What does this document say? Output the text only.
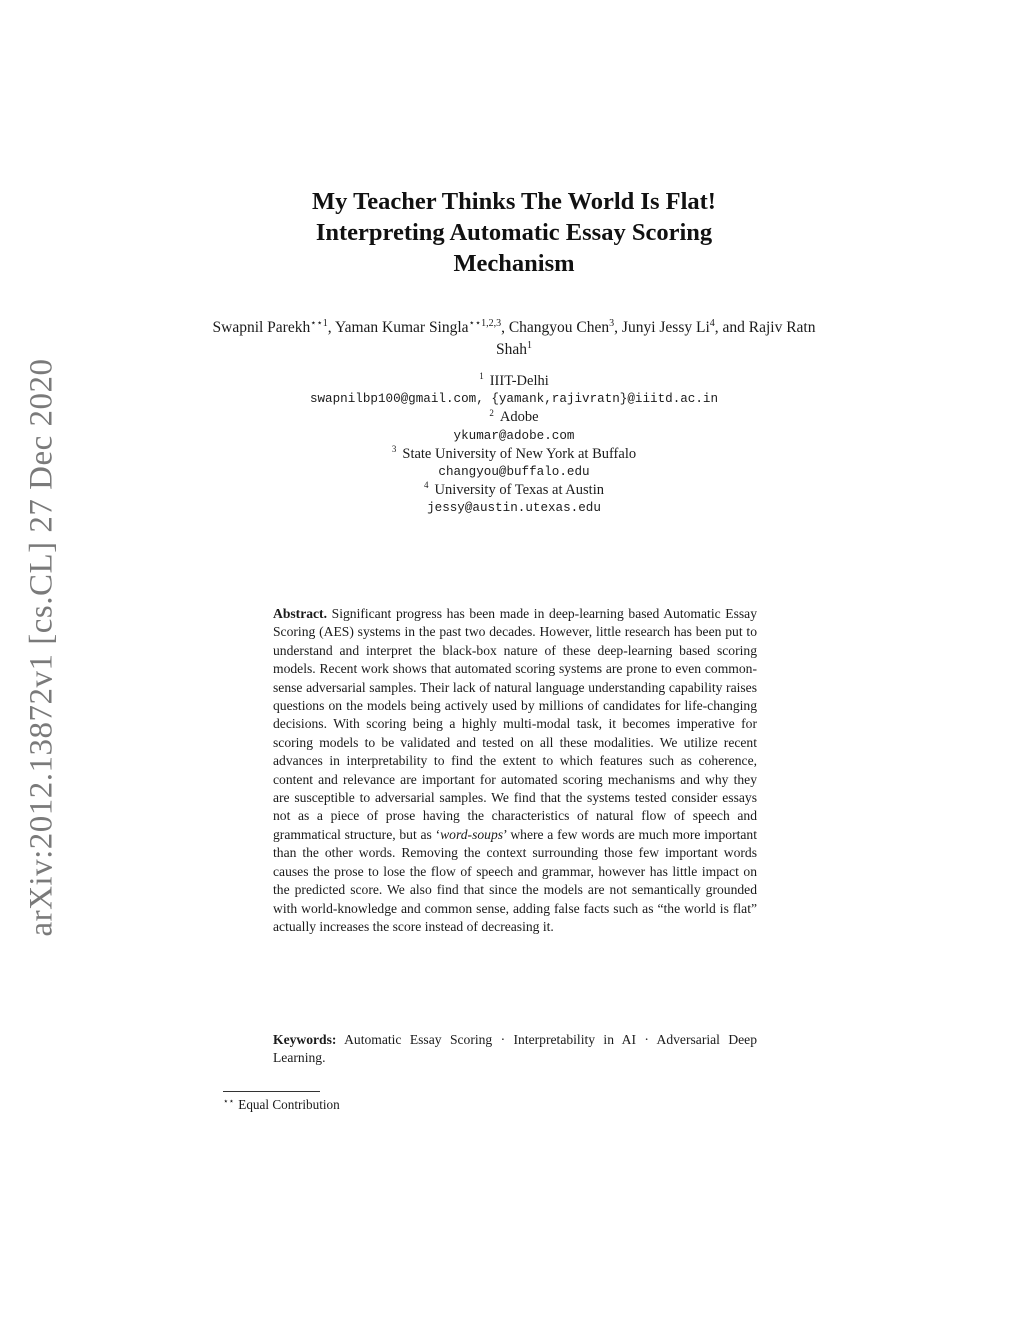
arXiv:2012.13872v1 [cs.CL] 27 Dec 2020
My Teacher Thinks The World Is Flat!
Interpreting Automatic Essay Scoring
Mechanism
Swapnil Parekh$^{⋆⋆1}$, Yaman Kumar Singla$^{⋆⋆1,2,3}$, Changyou Chen$^3$, Junyi Jessy Li$^4$, and Rajiv Ratn Shah$^1$
$^1$ IIIT-Delhi
swapnilbp100@gmail.com, {yamank,rajivratn}@iiitd.ac.in
$^2$ Adobe
ykumar@adobe.com
$^3$ State University of New York at Buffalo
changyou@buffalo.edu
$^4$ University of Texas at Austin
jessy@austin.utexas.edu
Abstract. Significant progress has been made in deep-learning based Automatic Essay Scoring (AES) systems in the past two decades. However, little research has been put to understand and interpret the black-box nature of these deep-learning based scoring models. Recent work shows that automated scoring systems are prone to even common-sense adversarial samples. Their lack of natural language understanding capability raises questions on the models being actively used by millions of candidates for life-changing decisions. With scoring being a highly multi-modal task, it becomes imperative for scoring models to be validated and tested on all these modalities. We utilize recent advances in interpretability to find the extent to which features such as coherence, content and relevance are important for automated scoring mechanisms and why they are susceptible to adversarial samples. We find that the systems tested consider essays not as a piece of prose having the characteristics of natural flow of speech and grammatical structure, but as ‘word-soups’ where a few words are much more important than the other words. Removing the context surrounding those few important words causes the prose to lose the flow of speech and grammar, however has little impact on the predicted score. We also find that since the models are not semantically grounded with world-knowledge and common sense, adding false facts such as “the world is flat” actually increases the score instead of decreasing it.
Keywords: Automatic Essay Scoring · Interpretability in AI · Adversarial Deep Learning.
⋆⋆ Equal Contribution
